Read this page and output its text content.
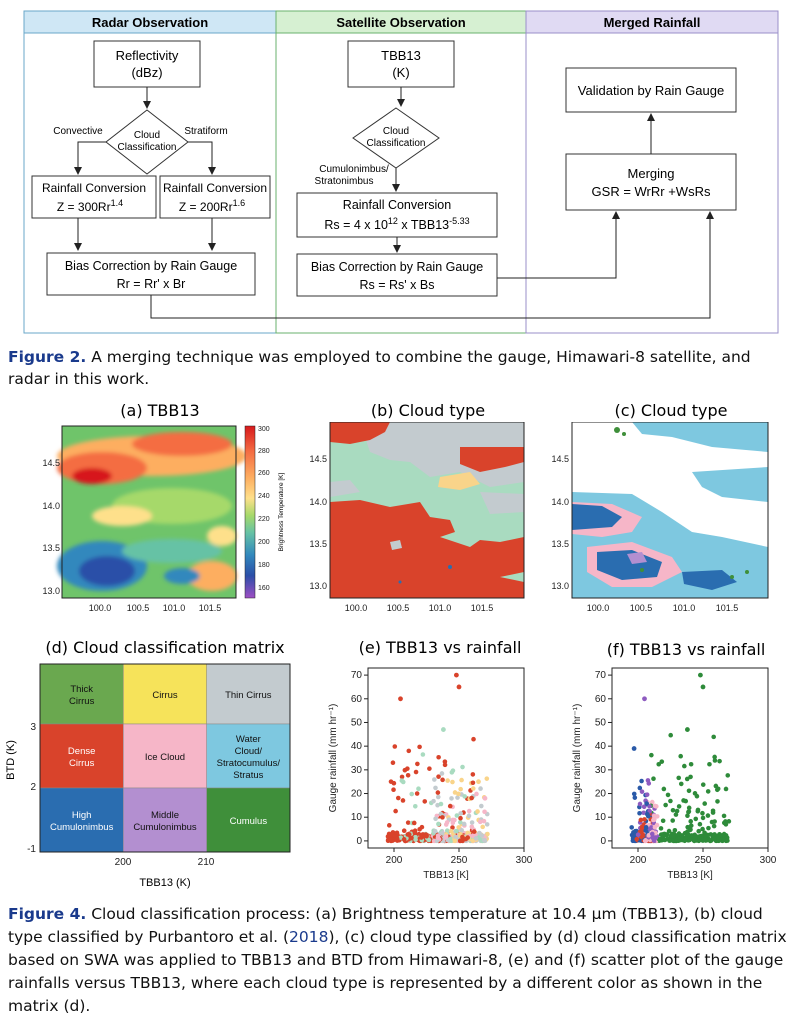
Radar Observation	Satellite Observation	Merged Rainfall
Reflectivity
(dBz)
Cloud
Classification
Convective	Stratiform
Rainfall Conversion
$Z = 300Rr^{1.4}$
Rainfall Conversion
$Z = 200Rr^{1.6}$
Bias Correction by Rain Gauge
Rr = Rr' x Br
TBB13
(K)
Cloud
Classification
Cumulonimbus/
Stratonimbus
Rainfall Conversion
Rs = 4 x $10^{12}$ x $TBB13^{-5.33}$
Bias Correction by Rain Gauge
Rs = Rs' x Bs
Validation by Rain Gauge
Merging
GSR = WrRr +WsRs
Figure 2. A merging technique was employed to combine the gauge, Himawari-8 satellite, and radar in this work.
(a) TBB13	(b) Cloud type	(c) Cloud type
14.5
14.0
13.5
13.0
100.0 100.5 101.0 101.5
300
280
260
240
220
200
180
160
Brightness Temperature [K]
14.5
14.0
13.5
13.0
100.0 100.5 101.0 101.5
14.5
14.0
13.5
13.0
100.0 100.5 101.0 101.5
(d) Cloud classification matrix
Thick Cirrus
Cirrus	Thin Cirrus
Dense Cirrus
Ice Cloud
Water Cloud/ Stratocumulus/ Stratus
High Cumulonimbus
Middle Cumulonimbus
Cumulus
3
2
-1
200	210
TBB13 (K)
BTD (K)
(e) TBB13 vs rainfall	(f) TBB13 vs rainfall
0
10
20
30
40
50
60
70
200	250	300
TBB13 [K]
Gauge rainfall (mm hr⁻¹)
0
10
20
30
40
50
60
70
200	250	300
TBB13 [K]
Gauge rainfall (mm hr⁻¹)
Figure 4. Cloud classification process: (a) Brightness temperature at 10.4 µm (TBB13), (b) cloud type classified by Purbantoro et al. (2018), (c) cloud type classified by (d) cloud classification matrix based on SWA was applied to TBB13 and BTD from Himawari-8, (e) and (f) scatter plot of the gauge rainfalls versus TBB13, where each cloud type is represented by a different color as shown in the matrix (d).
